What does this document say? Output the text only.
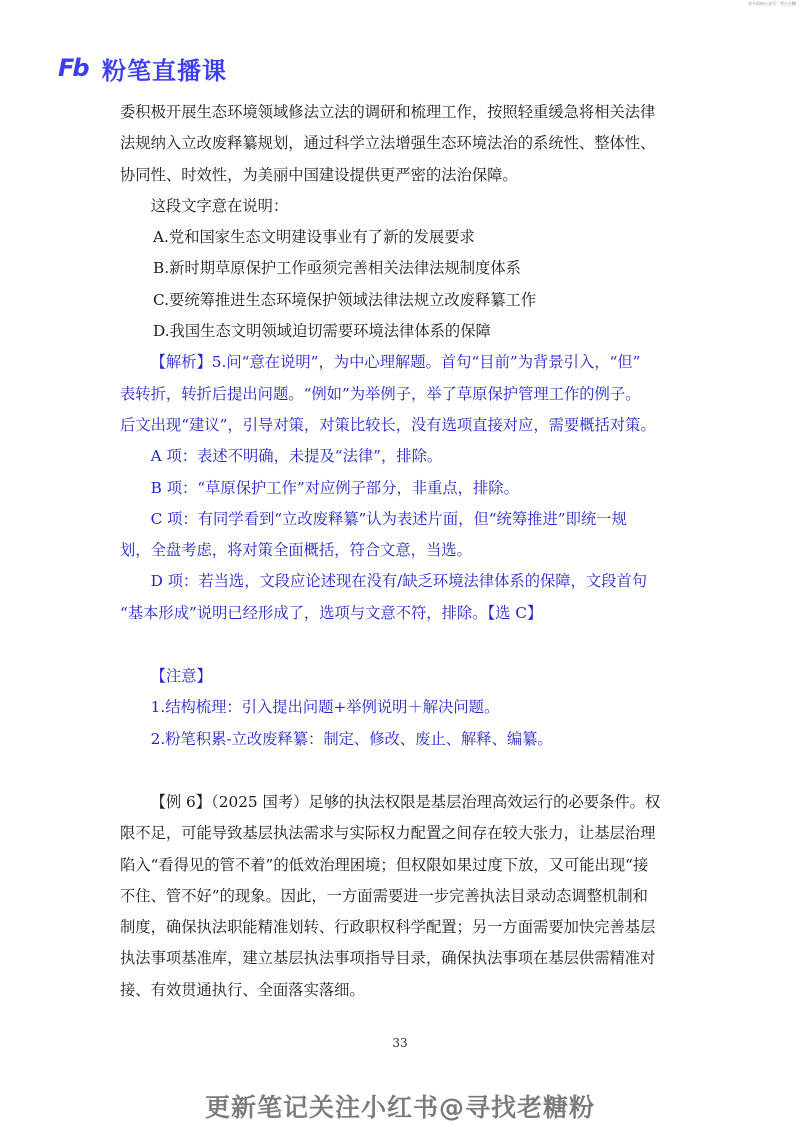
更多资料公众号：考公小糖
Fb 粉笔直播课

委积极开展生态环境领域修法立法的调研和梳理工作，按照轻重缓急将相关法律

法规纳入立改废释纂规划，通过科学立法增强生态环境法治的系统性、整体性、

协同性、时效性，为美丽中国建设提供更严密的法治保障。

这段文字意在说明：

A.党和国家生态文明建设事业有了新的发展要求

B.新时期草原保护工作亟须完善相关法律法规制度体系

C.要统筹推进生态环境保护领域法律法规立改废释纂工作

D.我国生态文明领域迫切需要环境法律体系的保障

【解析】5.问“意在说明”，为中心理解题。首句“目前”为背景引入，“但”

表转折，转折后提出问题。“例如”为举例子，举了草原保护管理工作的例子。

后文出现“建议”，引导对策，对策比较长，没有选项直接对应，需要概括对策。

A 项：表述不明确，未提及“法律”，排除。

B 项：“草原保护工作”对应例子部分，非重点，排除。

C 项：有同学看到“立改废释纂”认为表述片面，但“统筹推进”即统一规

划，全盘考虑，将对策全面概括，符合文意，当选。

D 项：若当选，文段应论述现在没有/缺乏环境法律体系的保障，文段首句

“基本形成”说明已经形成了，选项与文意不符，排除。【选 C】

【注意】

1.结构梳理：引入提出问题+举例说明＋解决问题。

2.粉笔积累-立改废释纂：制定、修改、废止、解释、编纂。

【例 6】（2025 国考）足够的执法权限是基层治理高效运行的必要条件。权

限不足，可能导致基层执法需求与实际权力配置之间存在较大张力，让基层治理

陷入“看得见的管不着”的低效治理困境；但权限如果过度下放，又可能出现“接

不住、管不好”的现象。因此，一方面需要进一步完善执法目录动态调整机制和

制度，确保执法职能精准划转、行政职权科学配置；另一方面需要加快完善基层

执法事项基准库，建立基层执法事项指导目录，确保执法事项在基层供需精准对

接、有效贯通执行、全面落实落细。

33
更新笔记关注小红书@寻找老糖粉
